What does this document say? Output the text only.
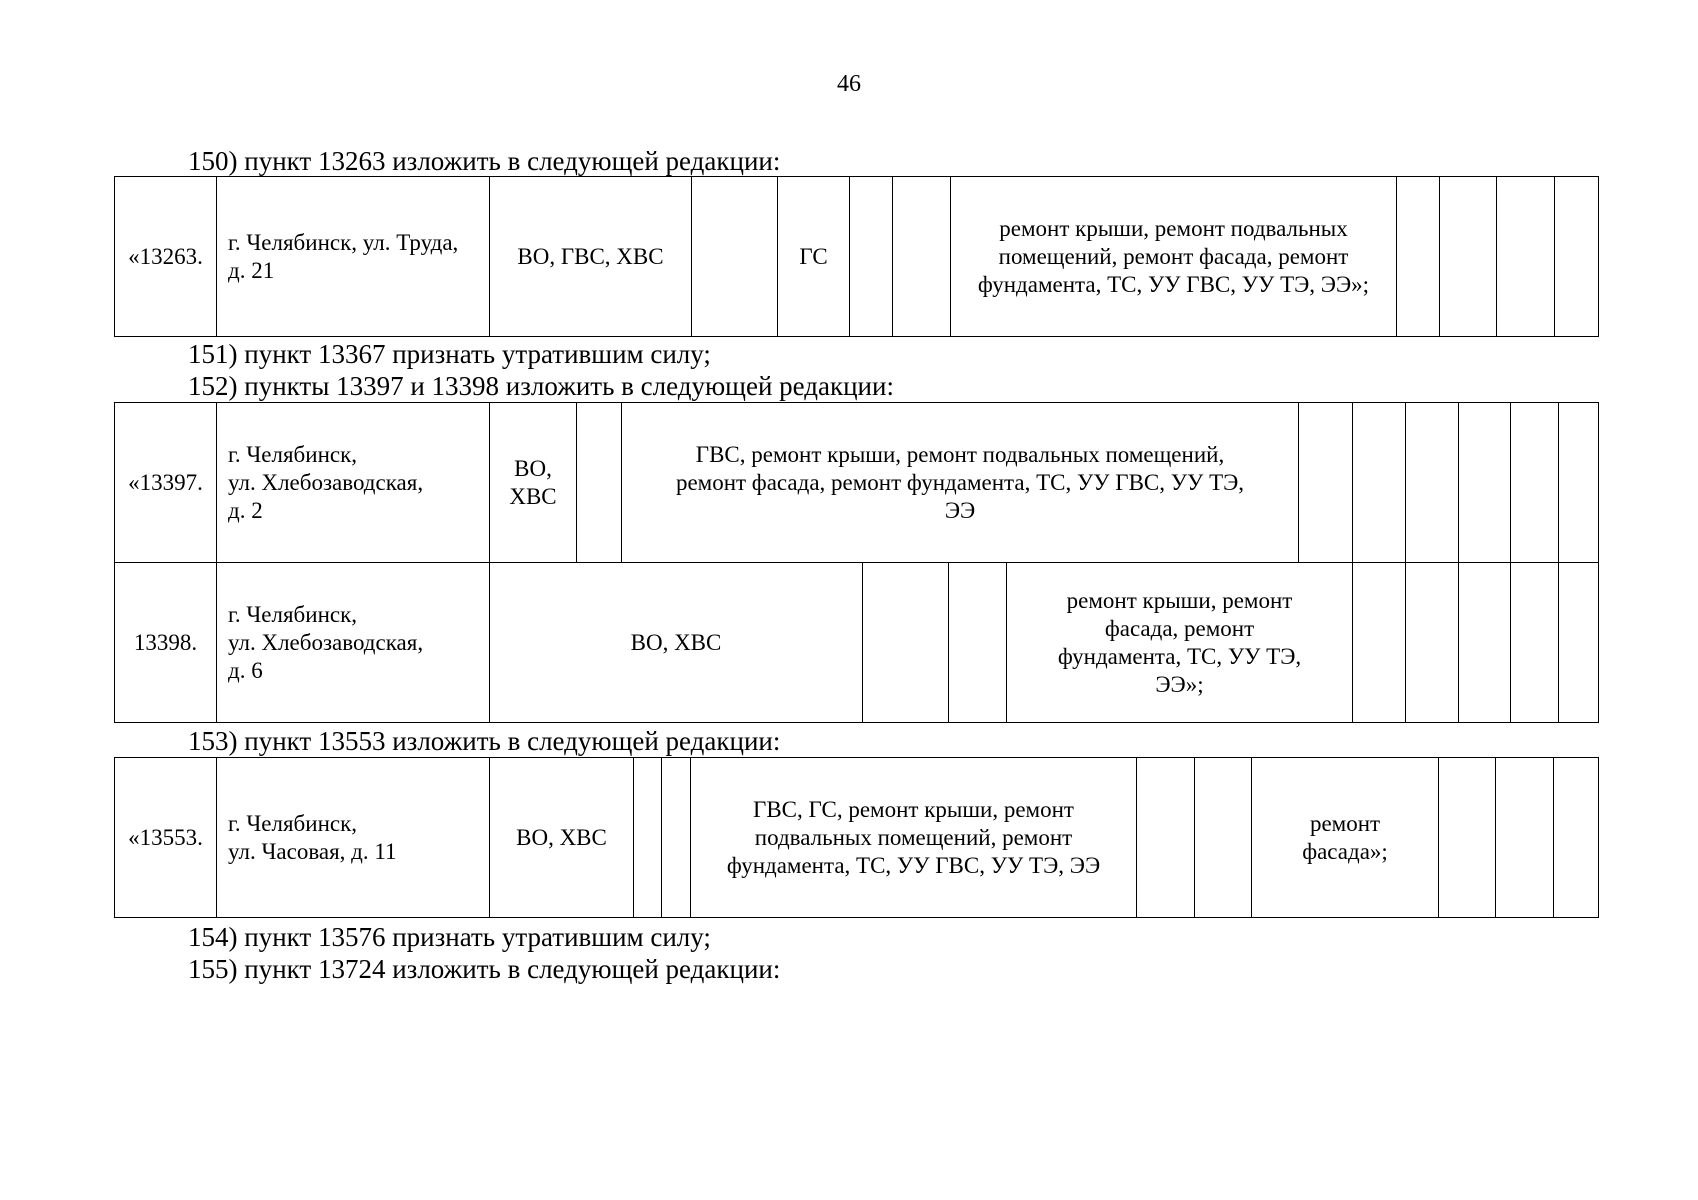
46
150) пункт 13263 изложить в следующей редакции:
«13263.	г. Челябинск, ул. Труда,
д. 21	ВО, ГВС, ХВС		ГС			ремонт крыши, ремонт подвальных
помещений, ремонт фасада, ремонт
фундамента, ТС, УУ ГВС, УУ ТЭ, ЭЭ»;				
151) пункт 13367 признать утратившим силу;
152) пункты 13397 и 13398 изложить в следующей редакции:
«13397.	г. Челябинск,
ул. Хлебозаводская,
д. 2	ВО,
ХВС		ГВС, ремонт крыши, ремонт подвальных помещений,
ремонт фасада, ремонт фундамента, ТС, УУ ГВС, УУ ТЭ,
ЭЭ									
13398.	г. Челябинск,
ул. Хлебозаводская,
д. 6	ВО, ХВС					ремонт крыши, ремонт
фасада, ремонт
фундамента, ТС, УУ ТЭ,
ЭЭ»;						
153) пункт 13553 изложить в следующей редакции:
«13553.	г. Челябинск,
ул. Часовая, д. 11	ВО, ХВС			ГВС, ГС, ремонт крыши, ремонт
подвальных помещений, ремонт
фундамента, ТС, УУ ГВС, УУ ТЭ, ЭЭ			ремонт
фасада»;			
154) пункт 13576 признать утратившим силу;
155) пункт 13724 изложить в следующей редакции:
